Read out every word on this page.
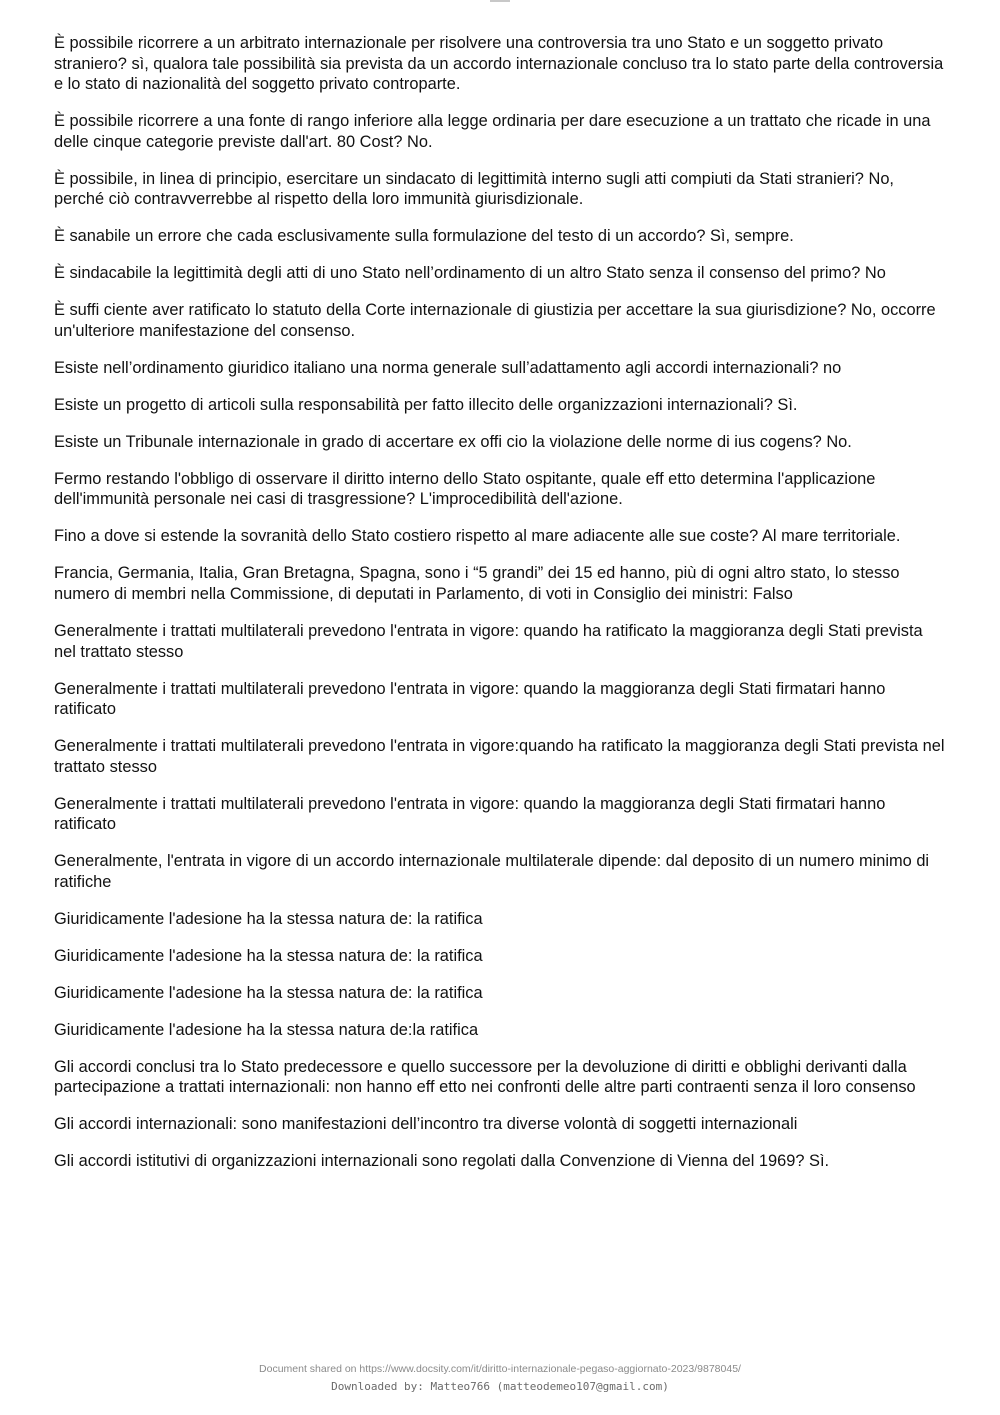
È possibile ricorrere a un arbitrato internazionale per risolvere una controversia tra uno Stato e un soggetto privato straniero? sì, qualora tale possibilità sia prevista da un accordo internazionale concluso tra lo stato parte della controversia e lo stato di nazionalità del soggetto privato controparte.

È possibile ricorrere a una fonte di rango inferiore alla legge ordinaria per dare esecuzione a un trattato che ricade in una delle cinque categorie previste dall'art. 80 Cost? No.

È possibile, in linea di principio, esercitare un sindacato di legittimità interno sugli atti compiuti da Stati stranieri? No, perché ciò contravverrebbe al rispetto della loro immunità giurisdizionale.

È sanabile un errore che cada esclusivamente sulla formulazione del testo di un accordo? Sì, sempre.

È sindacabile la legittimità degli atti di uno Stato nell’ordinamento di un altro Stato senza il consenso del primo? No

È suffi ciente aver ratificato lo statuto della Corte internazionale di giustizia per accettare la sua giurisdizione? No, occorre un'ulteriore manifestazione del consenso.

Esiste nell’ordinamento giuridico italiano una norma generale sull’adattamento agli accordi internazionali? no

Esiste un progetto di articoli sulla responsabilità per fatto illecito delle organizzazioni internazionali? Sì.

Esiste un Tribunale internazionale in grado di accertare ex offi cio la violazione delle norme di ius cogens? No.

Fermo restando l'obbligo di osservare il diritto interno dello Stato ospitante, quale eff etto determina l'applicazione dell'immunità personale nei casi di trasgressione? L'improcedibilità dell'azione.

Fino a dove si estende la sovranità dello Stato costiero rispetto al mare adiacente alle sue coste? Al mare territoriale.

Francia, Germania, Italia, Gran Bretagna, Spagna, sono i “5 grandi” dei 15 ed hanno, più di ogni altro stato, lo stesso numero di membri nella Commissione, di deputati in Parlamento, di voti in Consiglio dei ministri: Falso

Generalmente i trattati multilaterali prevedono l'entrata in vigore: quando ha ratificato la maggioranza degli Stati prevista nel trattato stesso

Generalmente i trattati multilaterali prevedono l'entrata in vigore: quando la maggioranza degli Stati firmatari hanno ratificato

Generalmente i trattati multilaterali prevedono l'entrata in vigore:quando ha ratificato la maggioranza degli Stati prevista nel trattato stesso

Generalmente i trattati multilaterali prevedono l'entrata in vigore: quando la maggioranza degli Stati firmatari hanno ratificato

Generalmente, l'entrata in vigore di un accordo internazionale multilaterale dipende: dal deposito di un numero minimo di ratifiche

Giuridicamente l'adesione ha la stessa natura de: la ratifica

Giuridicamente l'adesione ha la stessa natura de: la ratifica

Giuridicamente l'adesione ha la stessa natura de: la ratifica

Giuridicamente l'adesione ha la stessa natura de:la ratifica

Gli accordi conclusi tra lo Stato predecessore e quello successore per la devoluzione di diritti e obblighi derivanti dalla partecipazione a trattati internazionali: non hanno eff etto nei confronti delle altre parti contraenti senza il loro consenso

Gli accordi internazionali: sono manifestazioni dell’incontro tra diverse volontà di soggetti internazionali

Gli accordi istitutivi di organizzazioni internazionali sono regolati dalla Convenzione di Vienna del 1969? Sì.

Document shared on https://www.docsity.com/it/diritto-internazionale-pegaso-aggiornato-2023/9878045/
Downloaded by: Matteo766 (matteodemeo107@gmail.com)
